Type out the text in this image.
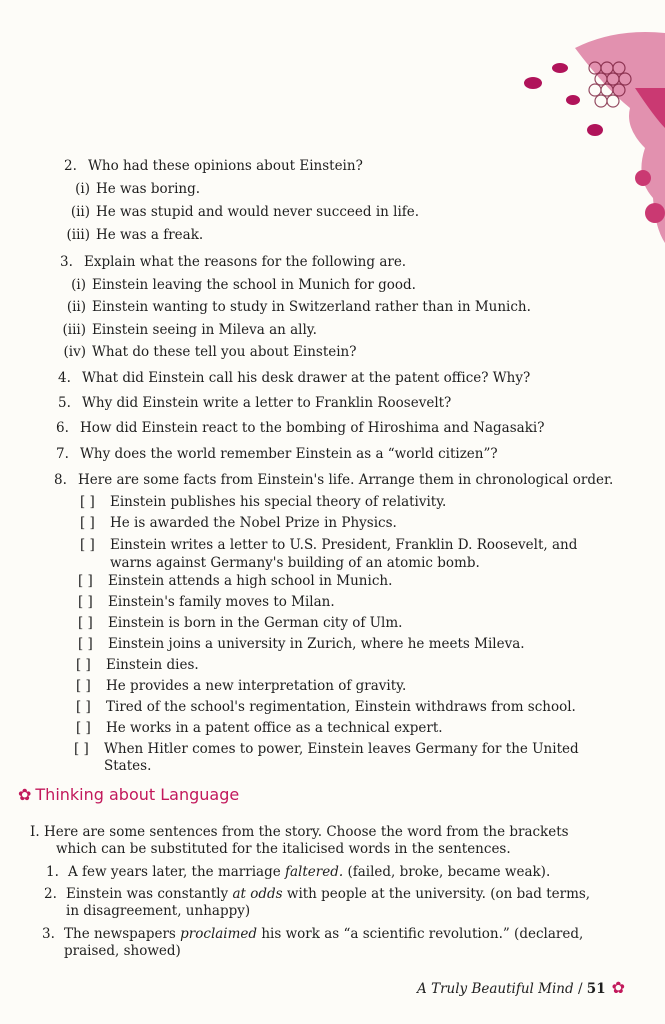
2. Who had these opinions about Einstein?
(i) He was boring.
(ii) He was stupid and would never succeed in life.
(iii) He was a freak.
3. Explain what the reasons for the following are.
(i) Einstein leaving the school in Munich for good.
(ii) Einstein wanting to study in Switzerland rather than in Munich.
(iii) Einstein seeing in Mileva an ally.
(iv) What do these tell you about Einstein?
4. What did Einstein call his desk drawer at the patent office? Why?
5. Why did Einstein write a letter to Franklin Roosevelt?
6. How did Einstein react to the bombing of Hiroshima and Nagasaki?
7. Why does the world remember Einstein as a “world citizen”?
8. Here are some facts from Einstein's life. Arrange them in chronological order.
[ ] Einstein publishes his special theory of relativity.
[ ] He is awarded the Nobel Prize in Physics.
[ ] Einstein writes a letter to U.S. President, Franklin D. Roosevelt, and
warns against Germany's building of an atomic bomb.
[ ] Einstein attends a high school in Munich.
[ ] Einstein's family moves to Milan.
[ ] Einstein is born in the German city of Ulm.
[ ] Einstein joins a university in Zurich, where he meets Mileva.
[ ] Einstein dies.
[ ] He provides a new interpretation of gravity.
[ ] Tired of the school's regimentation, Einstein withdraws from school.
[ ] He works in a patent office as a technical expert.
[ ] When Hitler comes to power, Einstein leaves Germany for the United
States.
✿ Thinking about Language
I. Here are some sentences from the story. Choose the word from the brackets
which can be substituted for the italicised words in the sentences.
1. A few years later, the marriage faltered. (failed, broke, became weak).
2. Einstein was constantly at odds with people at the university. (on bad terms,
in disagreement, unhappy)
3. The newspapers proclaimed his work as “a scientific revolution.” (declared,
praised, showed)
A Truly Beautiful Mind / 51 ✿
